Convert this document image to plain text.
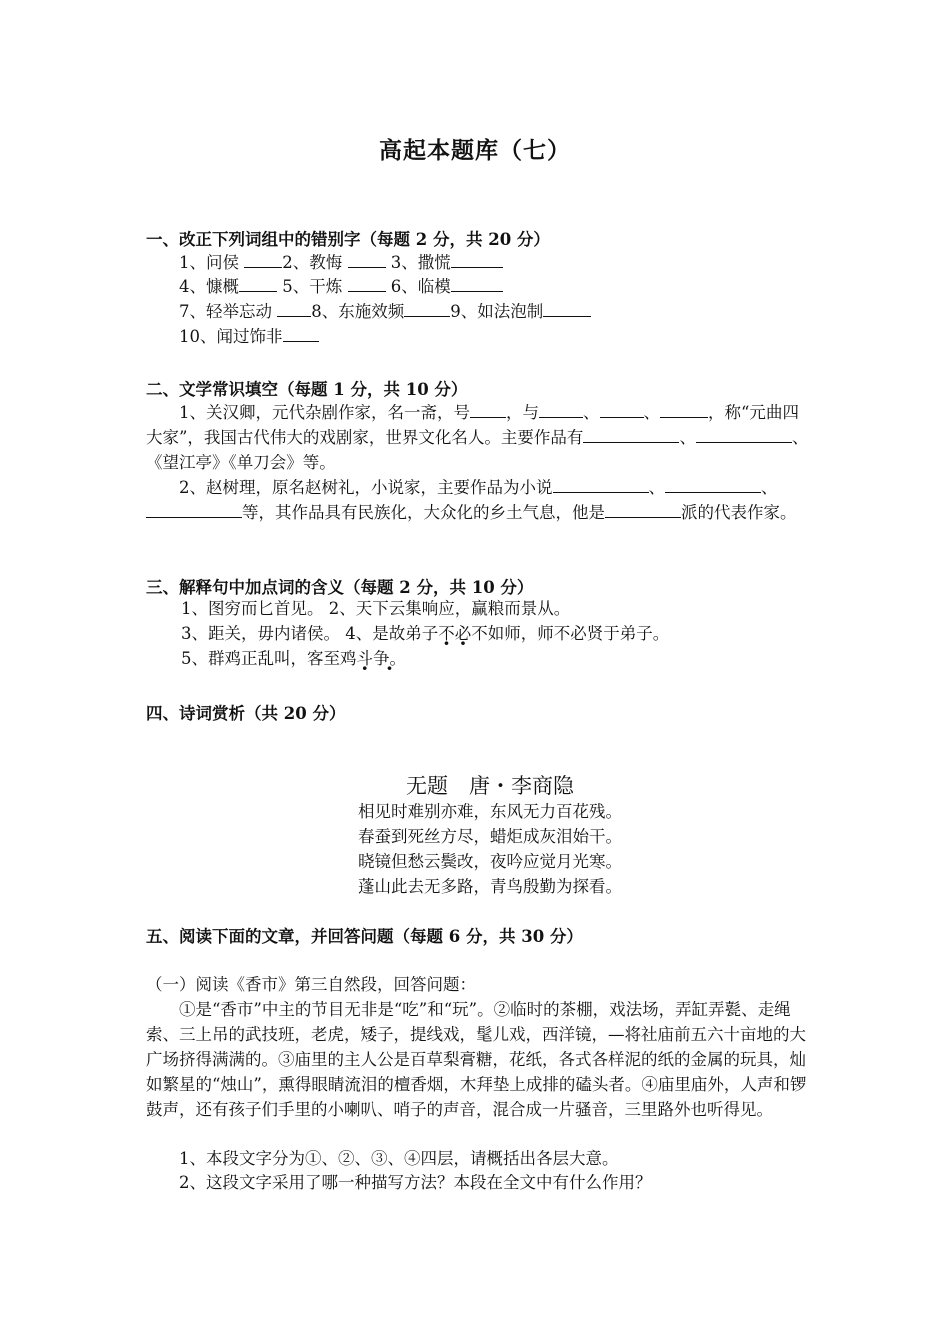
高起本题库（七）
一、改正下列词组中的错别字（每题 2 分，共 20 分）
1、问侯	2、教悔	3、撒慌
4、慷概	5、干炼	6、临模
7、轻举忘动 8、东施效频	9、如法泡制
10、闻过饰非
二、文学常识填空（每题 1 分，共 10 分）
1、关汉卿，元代杂剧作家，名一斋，号 ，与	、	、	，称“元曲四大家”，我国古代伟大的戏剧家，世界文化名人。主要作品有	、	、《望江亭》《单刀会》等。
2、赵树理，原名赵树礼，小说家，主要作品为小说	、	、等，其作品具有民族化，大众化的乡土气息，他是	派的代表作家。
三、解释句中加点词的含义（每题 2 分，共 10 分）
1、图穷而匕首见。 2、天下云集响应，赢粮而景从。
3、距关，毋内诸侯。 4、是故弟子不必不如师，师不必贤于弟子。
5、群鸡正乱叫，客至鸡斗争。 ·
四、诗词赏析（共 20 分）
无题　唐・李商隐
相见时难别亦难，东风无力百花残。
春蚕到死丝方尽，蜡炬成灰泪始干。
晓镜但愁云鬓改，夜吟应觉月光寒。
蓬山此去无多路，青鸟殷勤为探看。
五、阅读下面的文章，并回答问题（每题 6 分，共 30 分）
（一）阅读《香市》第三自然段，回答问题：
①是“香市”中主的节目无非是“吃”和“玩”。②临时的茶棚，戏法场，弄缸弄甏、走绳索、三上吊的武技班，老虎，矮子，提线戏，髦儿戏，西洋镜，—将社庙前五六十亩地的大广场挤得满满的。③庙里的主人公是百草梨膏糖，花纸，各式各样泥的纸的金属的玩具，灿如繁星的“烛山”，熏得眼睛流泪的檀香烟，木拜垫上成排的磕头者。④庙里庙外，人声和锣鼓声，还有孩子们手里的小喇叭、哨子的声音，混合成一片骚音，三里路外也听得见。
1、本段文字分为①、②、③、④四层，请概括出各层大意。
2、这段文字采用了哪一种描写方法？本段在全文中有什么作用？
